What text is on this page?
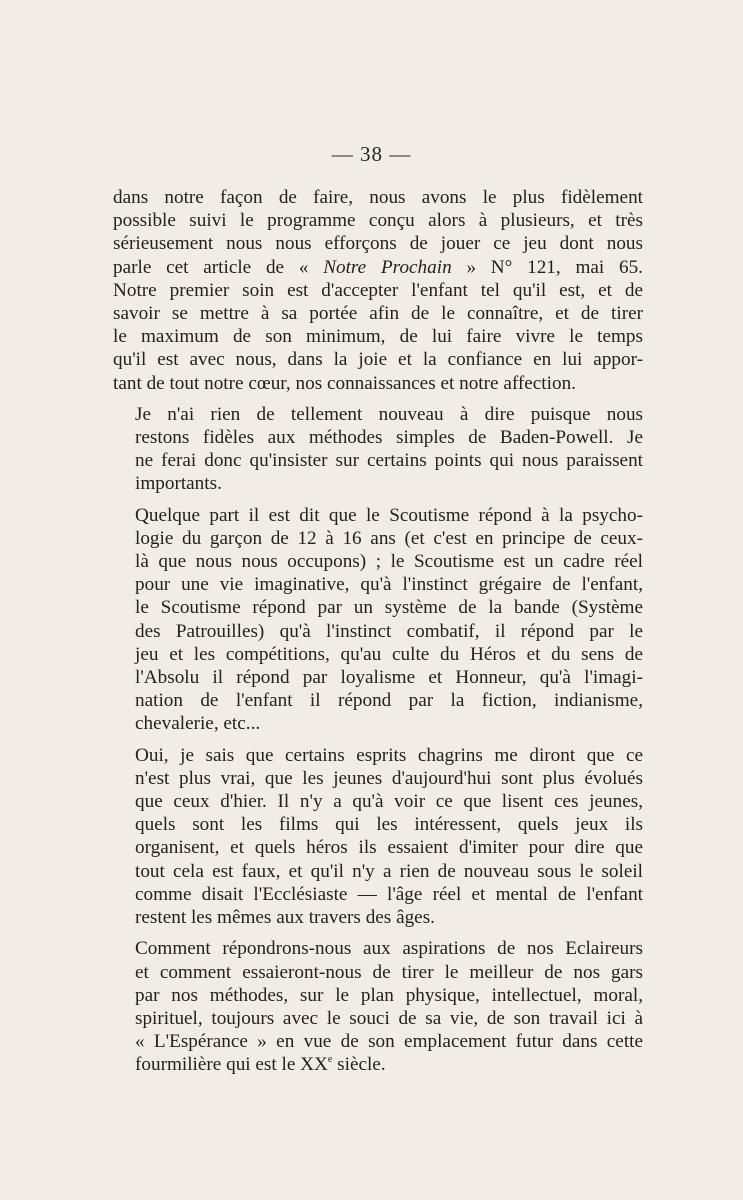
— 38 —

dans notre façon de faire, nous avons le plus fidèlement
possible suivi le programme conçu alors à plusieurs, et très
sérieusement nous nous efforçons de jouer ce jeu dont nous
parle cet article de « Notre Prochain » N° 121, mai 65.
Notre premier soin est d'accepter l'enfant tel qu'il est, et de
savoir se mettre à sa portée afin de le connaître, et de tirer
le maximum de son minimum, de lui faire vivre le temps
qu'il est avec nous, dans la joie et la confiance en lui appor-
tant de tout notre cœur, nos connaissances et notre affection.

Je n'ai rien de tellement nouveau à dire puisque nous
restons fidèles aux méthodes simples de Baden-Powell. Je
ne ferai donc qu'insister sur certains points qui nous paraissent
importants.

Quelque part il est dit que le Scoutisme répond à la psycho-
logie du garçon de 12 à 16 ans (et c'est en principe de ceux-
là que nous nous occupons) ; le Scoutisme est un cadre réel
pour une vie imaginative, qu'à l'instinct grégaire de l'enfant,
le Scoutisme répond par un système de la bande (Système
des Patrouilles) qu'à l'instinct combatif, il répond par le
jeu et les compétitions, qu'au culte du Héros et du sens de
l'Absolu il répond par loyalisme et Honneur, qu'à l'imagi-
nation de l'enfant il répond par la fiction, indianisme,
chevalerie, etc...

Oui, je sais que certains esprits chagrins me diront que ce
n'est plus vrai, que les jeunes d'aujourd'hui sont plus évolués
que ceux d'hier. Il n'y a qu'à voir ce que lisent ces jeunes,
quels sont les films qui les intéressent, quels jeux ils
organisent, et quels héros ils essaient d'imiter pour dire que
tout cela est faux, et qu'il n'y a rien de nouveau sous le soleil
comme disait l'Ecclésiaste — l'âge réel et mental de l'enfant
restent les mêmes aux travers des âges.

Comment répondrons-nous aux aspirations de nos Eclaireurs
et comment essaieront-nous de tirer le meilleur de nos gars
par nos méthodes, sur le plan physique, intellectuel, moral,
spirituel, toujours avec le souci de sa vie, de son travail ici à
« L'Espérance » en vue de son emplacement futur dans cette
fourmilière qui est le XXe siècle.
